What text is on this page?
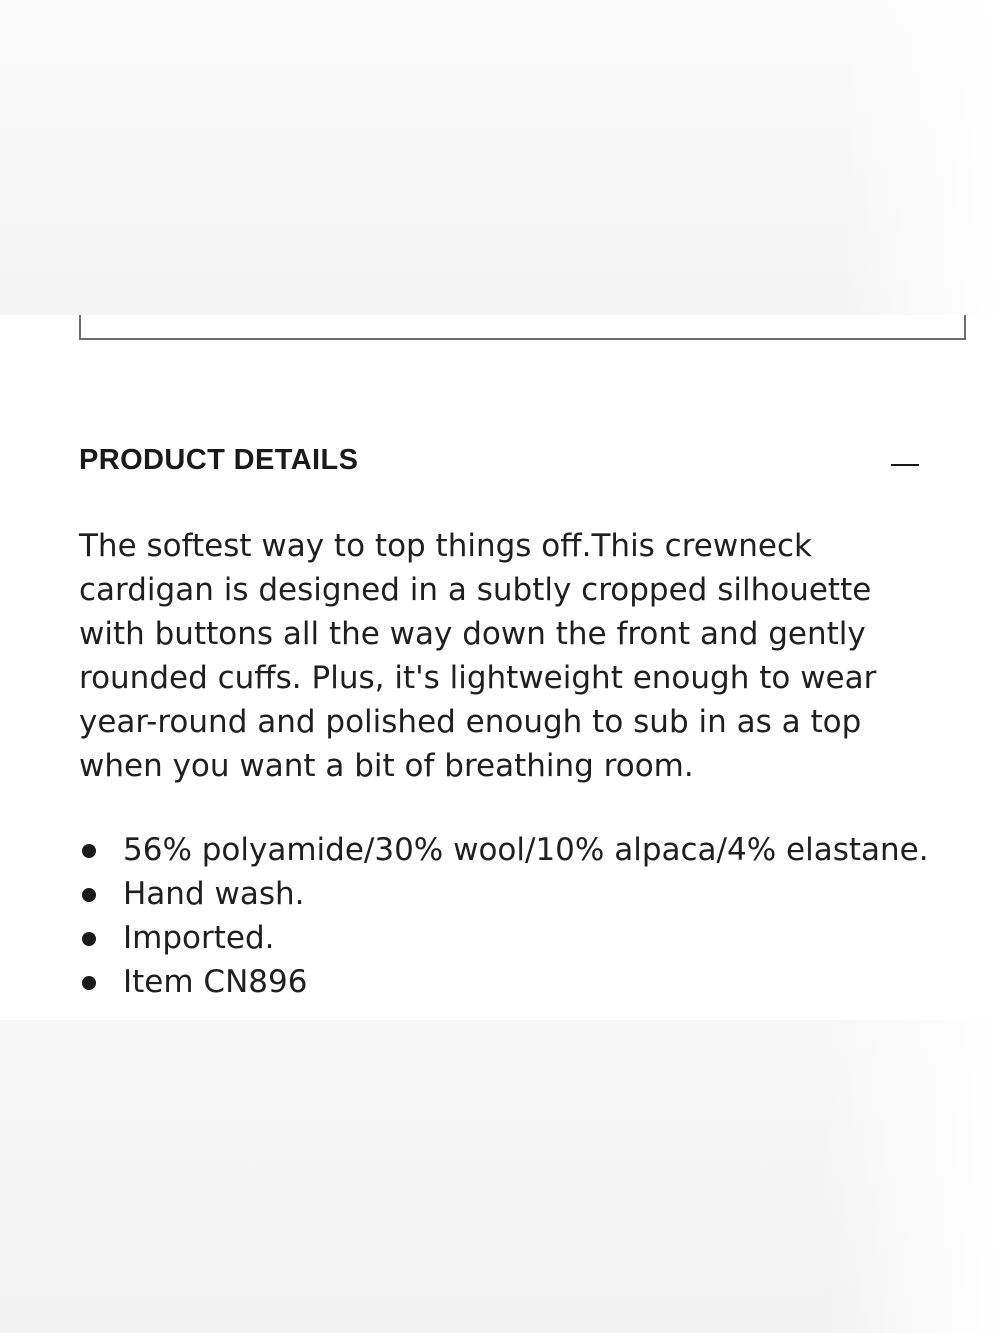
PRODUCT DETAILS

The softest way to top things off.This crewneck cardigan is designed in a subtly cropped silhouette with buttons all the way down the front and gently rounded cuffs. Plus, it's lightweight enough to wear year-round and polished enough to sub in as a top when you want a bit of breathing room.

56% polyamide/30% wool/10% alpaca/4% elastane.
Hand wash.
Imported.
Item CN896
